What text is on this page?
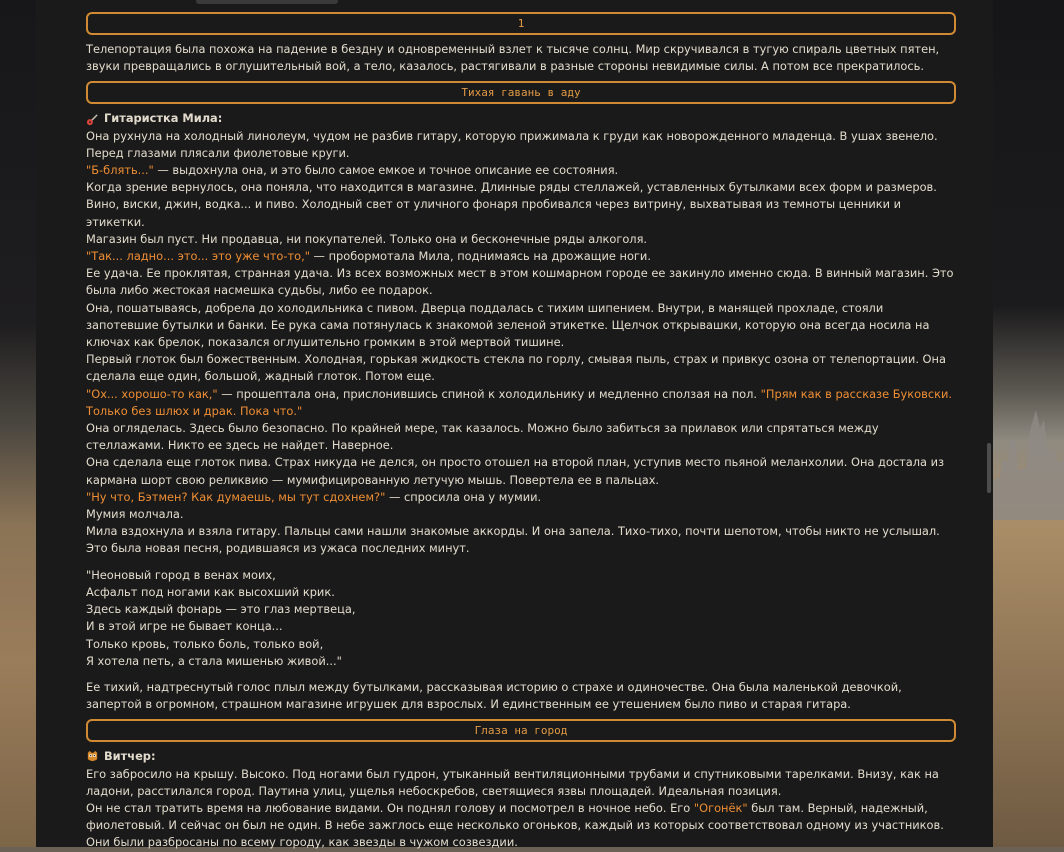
1

Телепортация была похожа на падение в бездну и одновременный взлет к тысяче солнц. Мир скручивался в тугую спираль цветных пятен, звуки превращались в оглушительный вой, а тело, казалось, растягивали в разные стороны невидимые силы. А потом все прекратилось.

Тихая гавань в аду
Гитаристка Мила:

Она рухнула на холодный линолеум, чудом не разбив гитару, которую прижимала к груди как новорожденного младенца. В ушах звенело. Перед глазами плясали фиолетовые круги.

"Б-блять..." — выдохнула она, и это было самое емкое и точное описание ее состояния.

Когда зрение вернулось, она поняла, что находится в магазине. Длинные ряды стеллажей, уставленных бутылками всех форм и размеров. Вино, виски, джин, водка... и пиво. Холодный свет от уличного фонаря пробивался через витрину, выхватывая из темноты ценники и этикетки.

Магазин был пуст. Ни продавца, ни покупателей. Только она и бесконечные ряды алкоголя.

"Так... ладно... это... это уже что-то," — пробормотала Мила, поднимаясь на дрожащие ноги.

Ее удача. Ее проклятая, странная удача. Из всех возможных мест в этом кошмарном городе ее закинуло именно сюда. В винный магазин. Это была либо жестокая насмешка судьбы, либо ее подарок.

Она, пошатываясь, добрела до холодильника с пивом. Дверца поддалась с тихим шипением. Внутри, в манящей прохладе, стояли запотевшие бутылки и банки. Ее рука сама потянулась к знакомой зеленой этикетке. Щелчок открывашки, которую она всегда носила на ключах как брелок, показался оглушительно громким в этой мертвой тишине.

Первый глоток был божественным. Холодная, горькая жидкость стекла по горлу, смывая пыль, страх и привкус озона от телепортации. Она сделала еще один, большой, жадный глоток. Потом еще.

"Ох... хорошо-то как," — прошептала она, прислонившись спиной к холодильнику и медленно сползая на пол. "Прям как в рассказе Буковски. Только без шлюх и драк. Пока что."

Она огляделась. Здесь было безопасно. По крайней мере, так казалось. Можно было забиться за прилавок или спрятаться между стеллажами. Никто ее здесь не найдет. Наверное.

Она сделала еще глоток пива. Страх никуда не делся, он просто отошел на второй план, уступив место пьяной меланхолии. Она достала из кармана шорт свою реликвию — мумифицированную летучую мышь. Повертела ее в пальцах.

"Ну что, Бэтмен? Как думаешь, мы тут сдохнем?" — спросила она у мумии.

Мумия молчала.

Мила вздохнула и взяла гитару. Пальцы сами нашли знакомые аккорды. И она запела. Тихо-тихо, почти шепотом, чтобы никто не услышал. Это была новая песня, родившаяся из ужаса последних минут.

"Неоновый город в венах моих,
Асфальт под ногами как высохший крик.
Здесь каждый фонарь — это глаз мертвеца,
И в этой игре не бывает конца...
Только кровь, только боль, только вой,
Я хотела петь, а стала мишенью живой..."

Ее тихий, надтреснутый голос плыл между бутылками, рассказывая историю о страхе и одиночестве. Она была маленькой девочкой, запертой в огромном, страшном магазине игрушек для взрослых. И единственным ее утешением было пиво и старая гитара.

Глаза на город
Витчер:

Его забросило на крышу. Высоко. Под ногами был гудрон, утыканный вентиляционными трубами и спутниковыми тарелками. Внизу, как на ладони, расстилался город. Паутина улиц, ущелья небоскребов, светящиеся язвы площадей. Идеальная позиция.

Он не стал тратить время на любование видами. Он поднял голову и посмотрел в ночное небо. Его "Огонёк" был там. Верный, надежный, фиолетовый. И сейчас он был не один. В небе зажглось еще несколько огоньков, каждый из которых соответствовал одному из участников. Они были разбросаны по всему городу, как звезды в чужом созвездии.
